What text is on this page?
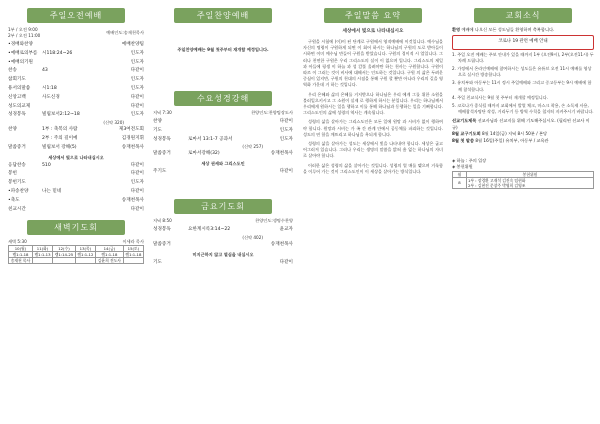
주일오전예배
1부 / 오전 9:00
2부 / 오전 11:00
예배인도:송재천목사
•경배와찬양	예배찬양팀
•예배로의부름	시118:24~26	인도자
•예배의기원	인도자
찬송	43	다같이
참회기도	인도자
용서의말씀	시1:18	인도자
신앙고백	사도신경	다같이
성도의교제	다같이
성경봉독	빌립보서2:12~18	인도자
(신약 320)
찬양	1부 : 축복의 사람	제3여전도회
2부 : 주의 길이예	김경원지휘
말씀증거	빌립보서 강해(5)	송재천목사
세상에서 빛으로 나타내십시오
응답찬송	510	다같이
봉헌	다같이
봉헌기도	인도자
•파송찬양	나는 믿네	다같이
•축도	송재천목사
친교시간	다같이
새벽기도회
새벽 5:30	이세라 목사
10(월)	11(화)	12(수)	13(목)	14(금)	15(토)
렘1:1-18	렘1:1-13	렘1:14-25	렘1:1-12	렘1:1-18	렘1:1-18
송재천 목사				김윤희 전도사	
주일찬양예배
주일찬양예배는 9월 첫주부터 재개할 예정입니다.
수요성경강해
저녁 7:30	찬양인도:찬양팀장도사
찬양	다같이
기도	인도자
성경봉독	로마서 13:1-7 공과서	인도자
(신약 257)
말씀증거	로마서강해(32)	송재천목사
세상 권세와 그리스도인
주기도	다같이
금요기도회
저녁 8:50	찬양인도:생명수찬양
성경봉독	요한계시록3:14~22	윤교자
(신약 402)
말씀증거	송재천목사
미지근하지 않고 열심을 내십시오
기도	다같이
주일말씀 요약
세상에서 빛으로 나타내십시오
구원을 시험에 (이)이 된 단계로 구원에서 영적예배에 이것입니다. 예수님을 자신의 명령이 구원하게 되면 이 회어 하시는 하나님의 구원의 도로 받아들이 시하면 이미 예수님 만들어 구원을 받았습니다. 구원의 경이적 시 업입니다. 그러나 천연한 구원은 우리 그리스도의 실이 이 없으며 입니다. 그리스도의 제일과 아들에 평생 이 하늘 과 성 캄폴 올려야만 하는 천사는 구원합니다. 구원이 따르 이 그러는 것이 비사에 대해서는 인도하는 것입니다. 구원 의 삶은 두려운 중심이 있지만, 구원의 천대의 시점을 통해 구원 할 뿐만 아니라 우리의 길을 영역화 가운데 거 하는 것입니다.
우리 은혜와 삶의 은혜를 거저받으나 하나님은 우리 에게 그를 위한 소원을 불러일으키시고 그 소원이 실제 로 행하게 하시는 분입니다. 우리는 하나님께서 우리에게 원하시는 일을 행하고 이를 통해 하나님과 동행하는 일을 기뻐합니다. 그리스도인의 삶에 성령의 역사는 계속됩니다.
성령의 삶을 살아가는 그리스도인은 모든 일에 원망 과 시비가 없이 행하여야 합니다. 원망과 시비는 가 족 간 관계 안에서 공동체를 파괴하는 것입니다. 성도의 연 합을 깨뜨리고 하나님을 욕되게 합니다.
성령의 삶을 살아가는 성도는 세상에서 빛을 나타내야 합니다. 세상은 굽고 어그러져 있습니다. 그러나 우리는 생명의 말씀을 밝혀 흠 없는 하나님의 자녀로 살아야 합니다.
이러한 삶은 성령의 삶을 살아가는 것입니다. 성령의 열 매를 맺으며 거룩함을 이루어 가는 것이 그리스도인이 이 세상을 살아가는 방식입니다.
교회소식
환영 예배에 나오신 모든 성도님들 환영하며 축복합니다.
코로나 19 관련 예배 안내
1. 주일 오전 예배는 주보 안내가 있을 때까지 1부 (오전9시), 2부(오전11시) 두 차례 드립니다.
2. 가정에서 온라인예배에 참여하시는 성도들은 유튜브 오전 11시 예배를 영상으로 실시간 방송합니다.
3. 유치부와 아동부는 11시 정시 주일예배와 그리고 중고등부는 9시 예배에 함께 참석합니다.
4. 주일 친교식사는 9월 첫 주부터 재개할 예정입니다.
5. 코로나가 종식될 때까지 교회에서 발열 체크, 마스크 착용, 손 소독제 사용, 예배참석자명단 작성, 거리두기 등 방역 수칙을 철저히 지켜주시기 바랍니다.
선교기도제목 선교사님과 선교지를 위해 기도해주십시오. (필리핀 선교사 이규)
8월 교구기도회 8월 14일(금) 저녁 8시 50분 / 본당
8월 첫 말씀 8월 16일(주일) 유치부, 아동부 / 교육관
◈ 하늘 : 주의 입장
◈ 봉헌위원
월	봉헌위원
8	1부 : 장경환 고재석 김진숙 임현화
2부 : 김현진 문창주 박영희 김영조
